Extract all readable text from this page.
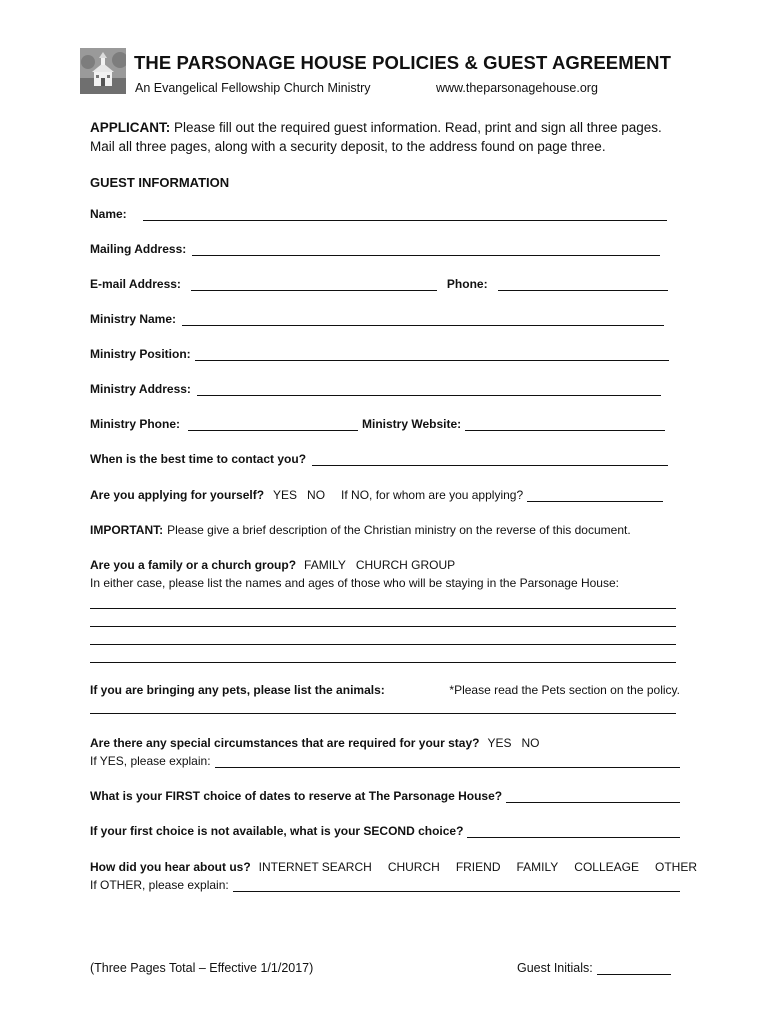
THE PARSONAGE HOUSE POLICIES & GUEST AGREEMENT
An Evangelical Fellowship Church Ministry	www.theparsonagehouse.org
APPLICANT: Please fill out the required guest information. Read, print and sign all three pages. Mail all three pages, along with a security deposit, to the address found on page three.
GUEST INFORMATION
Name:
Mailing Address:
E-mail Address:	Phone:
Ministry Name:
Ministry Position:
Ministry Address:
Ministry Phone:	Ministry Website:
When is the best time to contact you?
Are you applying for yourself? YES NO If NO, for whom are you applying?
IMPORTANT: Please give a brief description of the Christian ministry on the reverse of this document.
Are you a family or a church group? FAMILY CHURCH GROUP
In either case, please list the names and ages of those who will be staying in the Parsonage House:
If you are bringing any pets, please list the animals:	*Please read the Pets section on the policy.
Are there any special circumstances that are required for your stay? YES NO
If YES, please explain:
What is your FIRST choice of dates to reserve at The Parsonage House?
If your first choice is not available, what is your SECOND choice?
How did you hear about us? INTERNET SEARCH CHURCH FRIEND FAMILY COLLEAGE OTHER
If OTHER, please explain:
(Three Pages Total – Effective 1/1/2017)	Guest Initials:
